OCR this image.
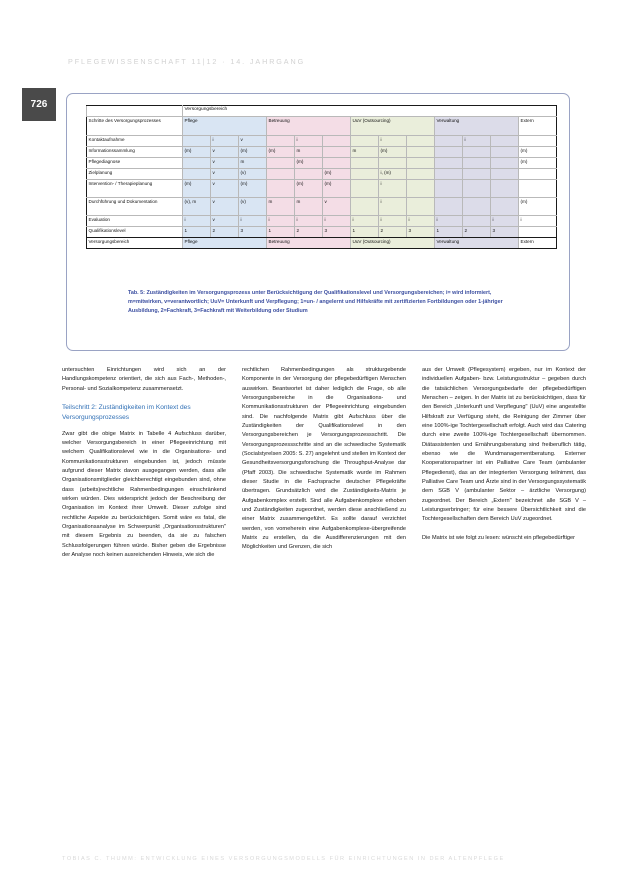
PFLEGEWISSENSCHAFT 11|12 · 14. JAHRGANG
726
		Versorgungsbereich												
Schritte des Versorgungsprozesses	Pflege			Betreuung			UuV (Outsourcing)			Verwaltung			Extern
Kontaktaufnahme		i	v		i			i			i		
Informationssammlung	(m)	v	(m)	(m)	m		m	(m)					(m)
Pflegediagnose		v	m		(m)								(m)
Zielplanung		v	(v)			(m)		i, (m)					
Intervention- / Therapieplanung	(m)	v	(m)		(m)	(m)		i					
Durchführung und Dokumentation	(v), m	v	(v)	m	m	v		i					(m)
Evaluation	i	v	i	i	i	i	i	i	i	i		i	i
Qualifikationslevel	1	2	3	1	2	3	1	2	3	1	2	3	
Versorgungsbereich	Pflege			Betreuung			UuV (Outsourcing)			Verwaltung			Extern
Tab. 5: Zuständigkeiten im Versorgungsprozess unter Berücksichtigung der Qualifikationslevel und Versorgungsbereichen; i= wird informiert, m=mitwirken, v=verantwortlich; UuV= Unterkunft und Verpflegung; 1=un- / angelernt und Hilfskräfte mit zertifizierten Fortbildungen oder 1-jähriger Ausbildung, 2=Fachkraft, 3=Fachkraft mit Weiterbildung oder Studium

untersuchten Einrichtungen wird sich an der Handlungskompetenz orientiert, die sich aus Fach-, Methoden-, Personal- und Sozialkompetenz zusammensetzt.

Teilschritt 2: Zuständigkeiten im Kontext des Versorgungsprozesses

Zwar gibt die obige Matrix in Tabelle 4 Aufschluss darüber, welcher Versorgungsbereich in einer Pflegeeinrichtung mit welchem Qualifikationslevel wie in die Organisations- und Kommunikationsstrukturen eingebunden ist, jedoch müsste aufgrund dieser Matrix davon ausgegangen werden, dass alle Organisationsmitglieder gleichberechtigt eingebunden sind, ohne dass (arbeits)rechtliche Rahmenbedingungen einschränkend wirken würden. Dies widerspricht jedoch der Beschreibung der Organisation im Kontext ihrer Umwelt. Dieser zufolge sind rechtliche Aspekte zu berücksichtigen. Somit wäre es fatal, die Organisationsanalyse im Schwerpunkt „Organisationsstrukturen" mit diesem Ergebnis zu beenden, da sie zu falschen Schlussfolgerungen führen würde. Bisher geben die Ergebnisse der Analyse noch keinen ausreichenden Hinweis, wie sich die

rechtlichen Rahmenbedingungen als strukturgebende Komponente in der Versorgung der pflegebedürftigen Menschen auswirken. Beantwortet ist daher lediglich die Frage, ob alle Versorgungsbereiche in die Organisations- und Kommunikationsstrukturen der Pflegeeinrichtung eingebunden sind. Die nachfolgende Matrix gibt Aufschluss über die Zuständigkeiten der Qualifikationslevel in den Versorgungsbereichen je Versorgungsprozessschritt. Die Versorgungsprozessschritte sind an die schwedische Systematik (Socialstyrelsen 2005: S. 27) angelehnt und stellen im Kontext der Gesundheitsversorgungsforschung die Throughput-Analyse dar (Pfaff 2003). Die schwedische Systematik wurde im Rahmen dieser Studie in die Fachsprache deutscher Pflegekräfte übertragen. Grundsätzlich wird die Zuständigkeits-Matrix je Aufgabenkomplex erstellt. Sind alle Aufgabenkomplexe erhoben und Zuständigkeiten zugeordnet, werden diese anschließend zu einer Matrix zusammengeführt. Es sollte darauf verzichtet werden, von vorneherein eine Aufgabenkomplexe-übergreifende Matrix zu erstellen, da die Ausdifferenzierungen mit den Möglichkeiten und Grenzen, die sich

aus der Umwelt (Pflegesystem) ergeben, nur im Kontext der individuellen Aufgaben- bzw. Leistungsstruktur – gegeben durch die tatsächlichen Versorgungsbedarfe der pflegebedürftigen Menschen – zeigen. In der Matrix ist zu berücksichtigen, dass für den Bereich „Unterkunft und Verpflegung" (UuV) eine angestellte Hilfskraft zur Verfügung steht, die Reinigung der Zimmer über eine 100%-ige Tochtergesellschaft erfolgt. Auch wird das Catering durch eine zweite 100%-ige Tochtergesellschaft übernommen. Diätassistenten und Ernährungsberatung sind freiberuflich tätig, ebenso wie die Wundmanagementberatung. Externer Kooperationspartner ist ein Palliative Care Team (ambulanter Pflegedienst), das an der integrierten Versorgung teilnimmt, das Palliative Care Team und Ärzte sind in der Versorgungssystematik dem SGB V (ambulanter Sektor – ärztliche Versorgung) zugeordnet. Der Bereich „Extern" bezeichnet alle SGB V – Leistungserbringer; für eine bessere Übersichtlichkeit sind die Tochtergesellschaften dem Bereich UuV zugeordnet.

Die Matrix ist wie folgt zu lesen: wünscht ein pflegebedürftiger

TOBIAS C. THUMM: ENTWICKLUNG EINES VERSORGUNGSMODELLS FÜR EINRICHTUNGEN IN DER ALTENPFLEGE
